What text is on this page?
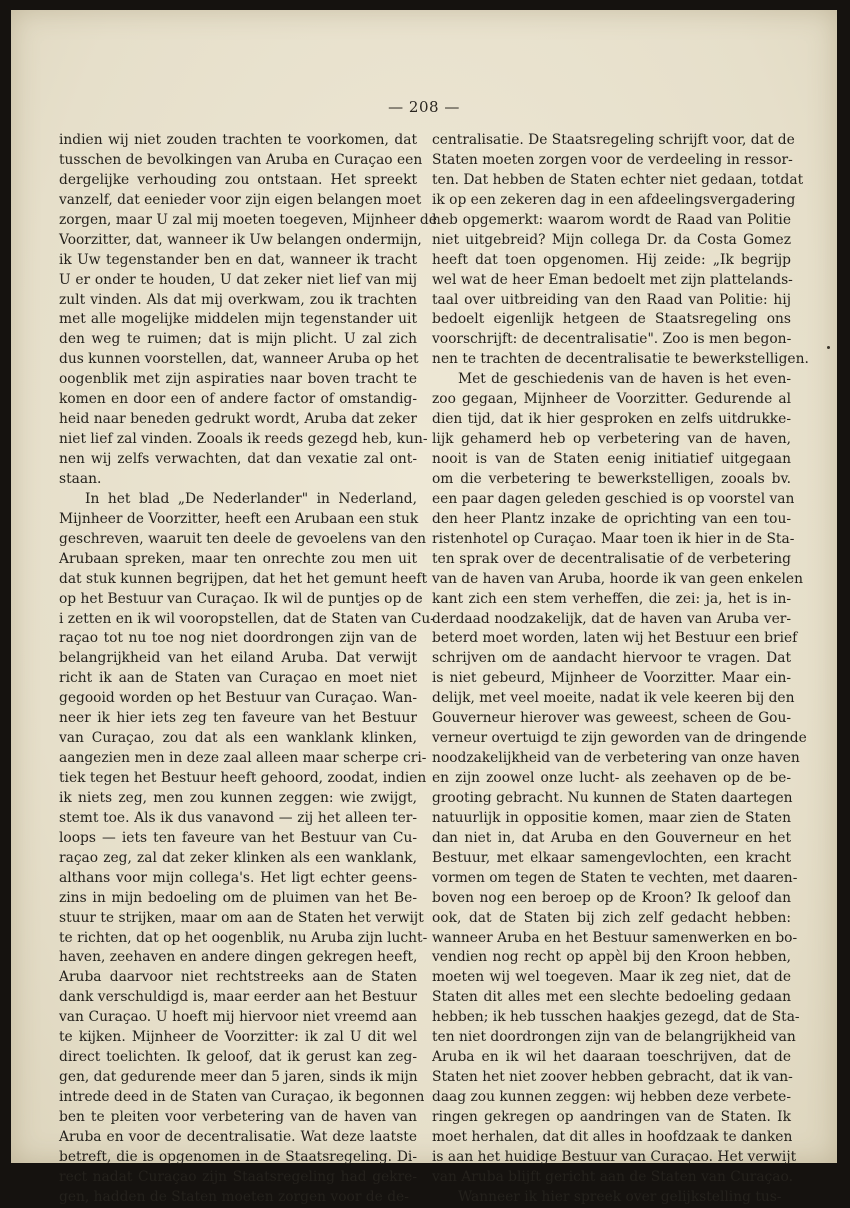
— 208 —
indien wij niet zouden trachten te voorkomen, dat
tusschen de bevolkingen van Aruba en Curaçao een
dergelijke verhouding zou ontstaan. Het spreekt
vanzelf, dat eenieder voor zijn eigen belangen moet
zorgen, maar U zal mij moeten toegeven, Mijnheer de
Voorzitter, dat, wanneer ik Uw belangen ondermijn,
ik Uw tegenstander ben en dat, wanneer ik tracht
U er onder te houden, U dat zeker niet lief van mij
zult vinden. Als dat mij overkwam, zou ik trachten
met alle mogelijke middelen mijn tegenstander uit
den weg te ruimen; dat is mijn plicht. U zal zich
dus kunnen voorstellen, dat, wanneer Aruba op het
oogenblik met zijn aspiraties naar boven tracht te
komen en door een of andere factor of omstandig-
heid naar beneden gedrukt wordt, Aruba dat zeker
niet lief zal vinden. Zooals ik reeds gezegd heb, kun-
nen wij zelfs verwachten, dat dan vexatie zal ont-
staan.
In het blad „De Nederlander" in Nederland,
Mijnheer de Voorzitter, heeft een Arubaan een stuk
geschreven, waaruit ten deele de gevoelens van den
Arubaan spreken, maar ten onrechte zou men uit
dat stuk kunnen begrijpen, dat het het gemunt heeft
op het Bestuur van Curaçao. Ik wil de puntjes op de
i zetten en ik wil vooropstellen, dat de Staten van Cu-
raçao tot nu toe nog niet doordrongen zijn van de
belangrijkheid van het eiland Aruba. Dat verwijt
richt ik aan de Staten van Curaçao en moet niet
gegooid worden op het Bestuur van Curaçao. Wan-
neer ik hier iets zeg ten faveure van het Bestuur
van Curaçao, zou dat als een wanklank klinken,
aangezien men in deze zaal alleen maar scherpe cri-
tiek tegen het Bestuur heeft gehoord, zoodat, indien
ik niets zeg, men zou kunnen zeggen: wie zwijgt,
stemt toe. Als ik dus vanavond — zij het alleen ter-
loops — iets ten faveure van het Bestuur van Cu-
raçao zeg, zal dat zeker klinken als een wanklank,
althans voor mijn collega's. Het ligt echter geens-
zins in mijn bedoeling om de pluimen van het Be-
stuur te strijken, maar om aan de Staten het verwijt
te richten, dat op het oogenblik, nu Aruba zijn lucht-
haven, zeehaven en andere dingen gekregen heeft,
Aruba daarvoor niet rechtstreeks aan de Staten
dank verschuldigd is, maar eerder aan het Bestuur
van Curaçao. U hoeft mij hiervoor niet vreemd aan
te kijken. Mijnheer de Voorzitter: ik zal U dit wel
direct toelichten. Ik geloof, dat ik gerust kan zeg-
gen, dat gedurende meer dan 5 jaren, sinds ik mijn
intrede deed in de Staten van Curaçao, ik begonnen
ben te pleiten voor verbetering van de haven van
Aruba en voor de decentralisatie. Wat deze laatste
betreft, die is opgenomen in de Staatsregeling. Di-
rect nadat Curaçao zijn Staatsregeling had gekre-
gen, hadden de Staten moeten zorgen voor de de-
centralisatie. De Staatsregeling schrijft voor, dat de
Staten moeten zorgen voor de verdeeling in ressor-
ten. Dat hebben de Staten echter niet gedaan, totdat
ik op een zekeren dag in een afdeelingsvergadering
heb opgemerkt: waarom wordt de Raad van Politie
niet uitgebreid? Mijn collega Dr. da Costa Gomez
heeft dat toen opgenomen. Hij zeide: „Ik begrijp
wel wat de heer Eman bedoelt met zijn plattelands-
taal over uitbreiding van den Raad van Politie: hij
bedoelt eigenlijk hetgeen de Staatsregeling ons
voorschrijft: de decentralisatie". Zoo is men begon-
nen te trachten de decentralisatie te bewerkstelligen.
Met de geschiedenis van de haven is het even-
zoo gegaan, Mijnheer de Voorzitter. Gedurende al
dien tijd, dat ik hier gesproken en zelfs uitdrukke-
lijk gehamerd heb op verbetering van de haven,
nooit is van de Staten eenig initiatief uitgegaan
om die verbetering te bewerkstelligen, zooals bv.
een paar dagen geleden geschied is op voorstel van
den heer Plantz inzake de oprichting van een tou-
ristenhotel op Curaçao. Maar toen ik hier in de Sta-
ten sprak over de decentralisatie of de verbetering
van de haven van Aruba, hoorde ik van geen enkelen
kant zich een stem verheffen, die zei: ja, het is in-
derdaad noodzakelijk, dat de haven van Aruba ver-
beterd moet worden, laten wij het Bestuur een brief
schrijven om de aandacht hiervoor te vragen. Dat
is niet gebeurd, Mijnheer de Voorzitter. Maar ein-
delijk, met veel moeite, nadat ik vele keeren bij den
Gouverneur hierover was geweest, scheen de Gou-
verneur overtuigd te zijn geworden van de dringende
noodzakelijkheid van de verbetering van onze haven
en zijn zoowel onze lucht- als zeehaven op de be-
grooting gebracht. Nu kunnen de Staten daartegen
natuurlijk in oppositie komen, maar zien de Staten
dan niet in, dat Aruba en den Gouverneur en het
Bestuur, met elkaar samengevlochten, een kracht
vormen om tegen de Staten te vechten, met daaren-
boven nog een beroep op de Kroon? Ik geloof dan
ook, dat de Staten bij zich zelf gedacht hebben:
wanneer Aruba en het Bestuur samenwerken en bo-
vendien nog recht op appèl bij den Kroon hebben,
moeten wij wel toegeven. Maar ik zeg niet, dat de
Staten dit alles met een slechte bedoeling gedaan
hebben; ik heb tusschen haakjes gezegd, dat de Sta-
ten niet doordrongen zijn van de belangrijkheid van
Aruba en ik wil het daaraan toeschrijven, dat de
Staten het niet zoover hebben gebracht, dat ik van-
daag zou kunnen zeggen: wij hebben deze verbete-
ringen gekregen op aandringen van de Staten. Ik
moet herhalen, dat dit alles in hoofdzaak te danken
is aan het huidige Bestuur van Curaçao. Het verwijt
van Aruba blijft gericht aan de Staten van Curaçao.
Wanneer ik hier spreek over gelijkstelling tus-
